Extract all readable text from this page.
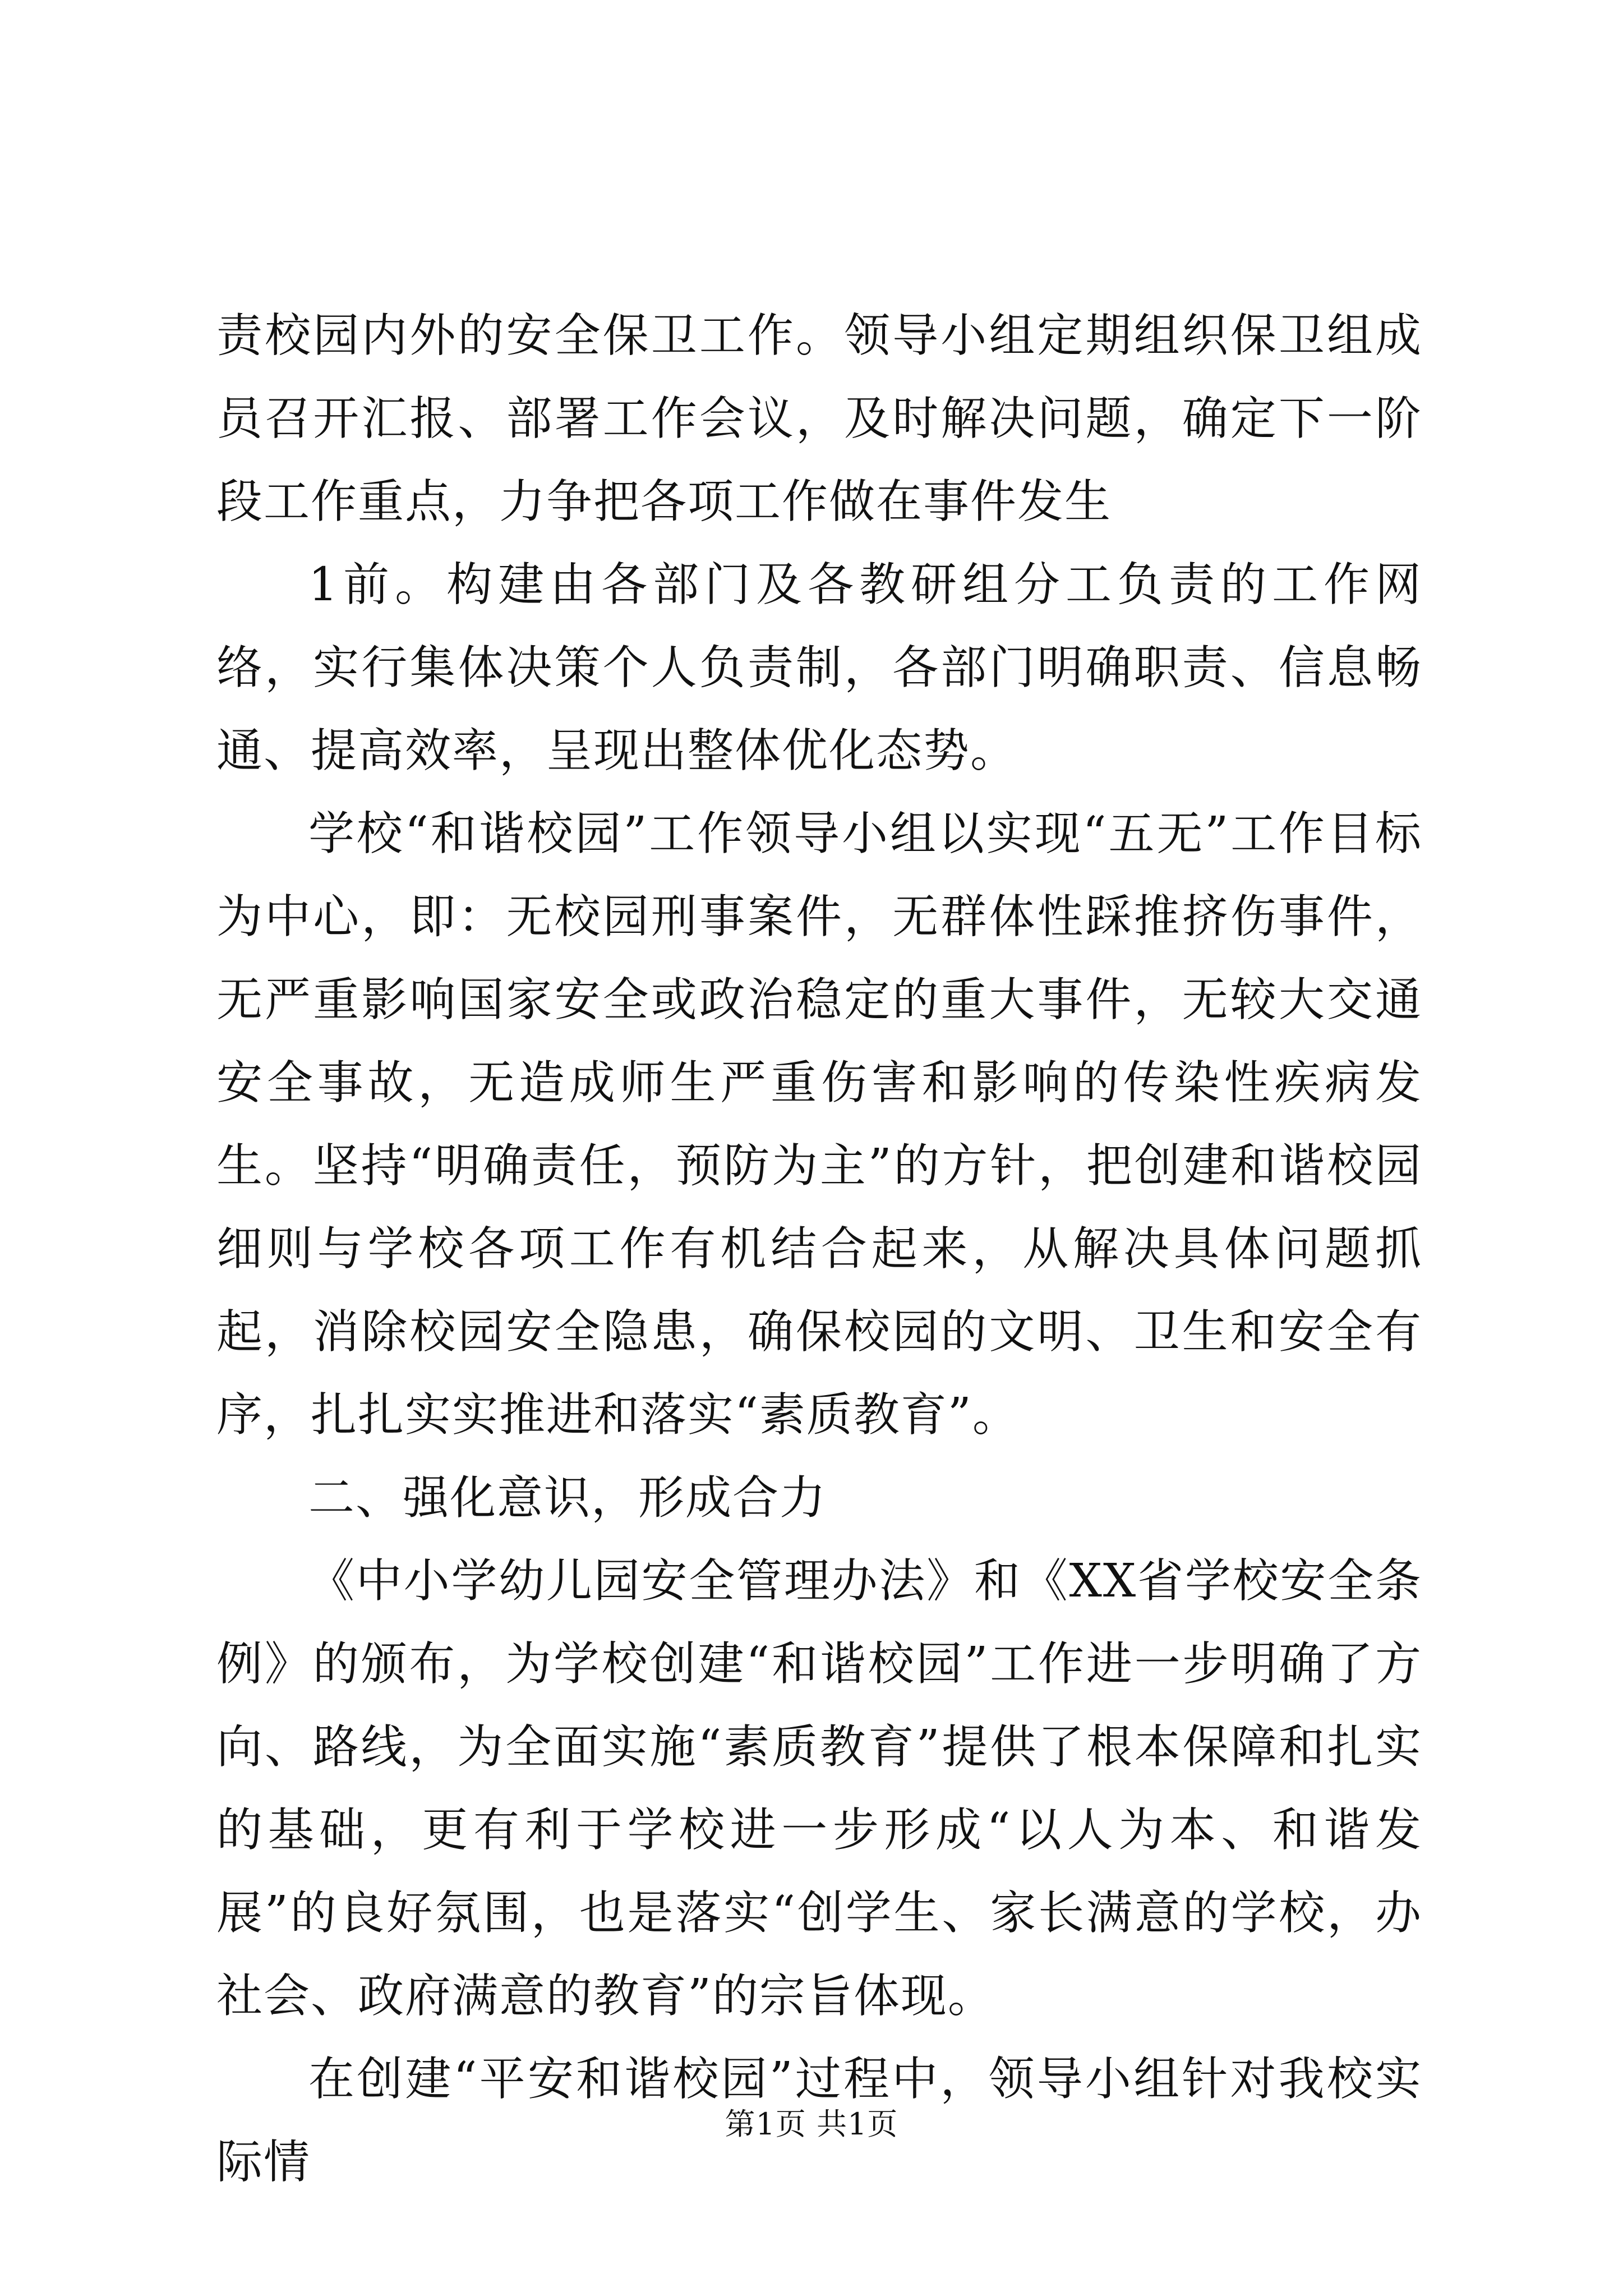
责校园内外的安全保卫工作。领导小组定期组织保卫组成员召开汇报、部署工作会议，及时解决问题，确定下一阶段工作重点，力争把各项工作做在事件发生

1前。构建由各部门及各教研组分工负责的工作网络，实行集体决策个人负责制，各部门明确职责、信息畅通、提高效率，呈现出整体优化态势。

学校“和谐校园”工作领导小组以实现“五无”工作目标为中心，即：无校园刑事案件，无群体性踩推挤伤事件，无严重影响国家安全或政治稳定的重大事件，无较大交通安全事故，无造成师生严重伤害和影响的传染性疾病发生。坚持“明确责任，预防为主”的方针，把创建和谐校园细则与学校各项工作有机结合起来，从解决具体问题抓起，消除校园安全隐患，确保校园的文明、卫生和安全有序，扎扎实实推进和落实“素质教育”。

二、强化意识，形成合力

《中小学幼儿园安全管理办法》和《XX省学校安全条例》的颁布，为学校创建“和谐校园”工作进一步明确了方向、路线，为全面实施“素质教育”提供了根本保障和扎实的基础，更有利于学校进一步形成“以人为本、和谐发展”的良好氛围，也是落实“创学生、家长满意的学校，办社会、政府满意的教育”的宗旨体现。

在创建“平安和谐校园”过程中，领导小组针对我校实际情

第1页 共1页
